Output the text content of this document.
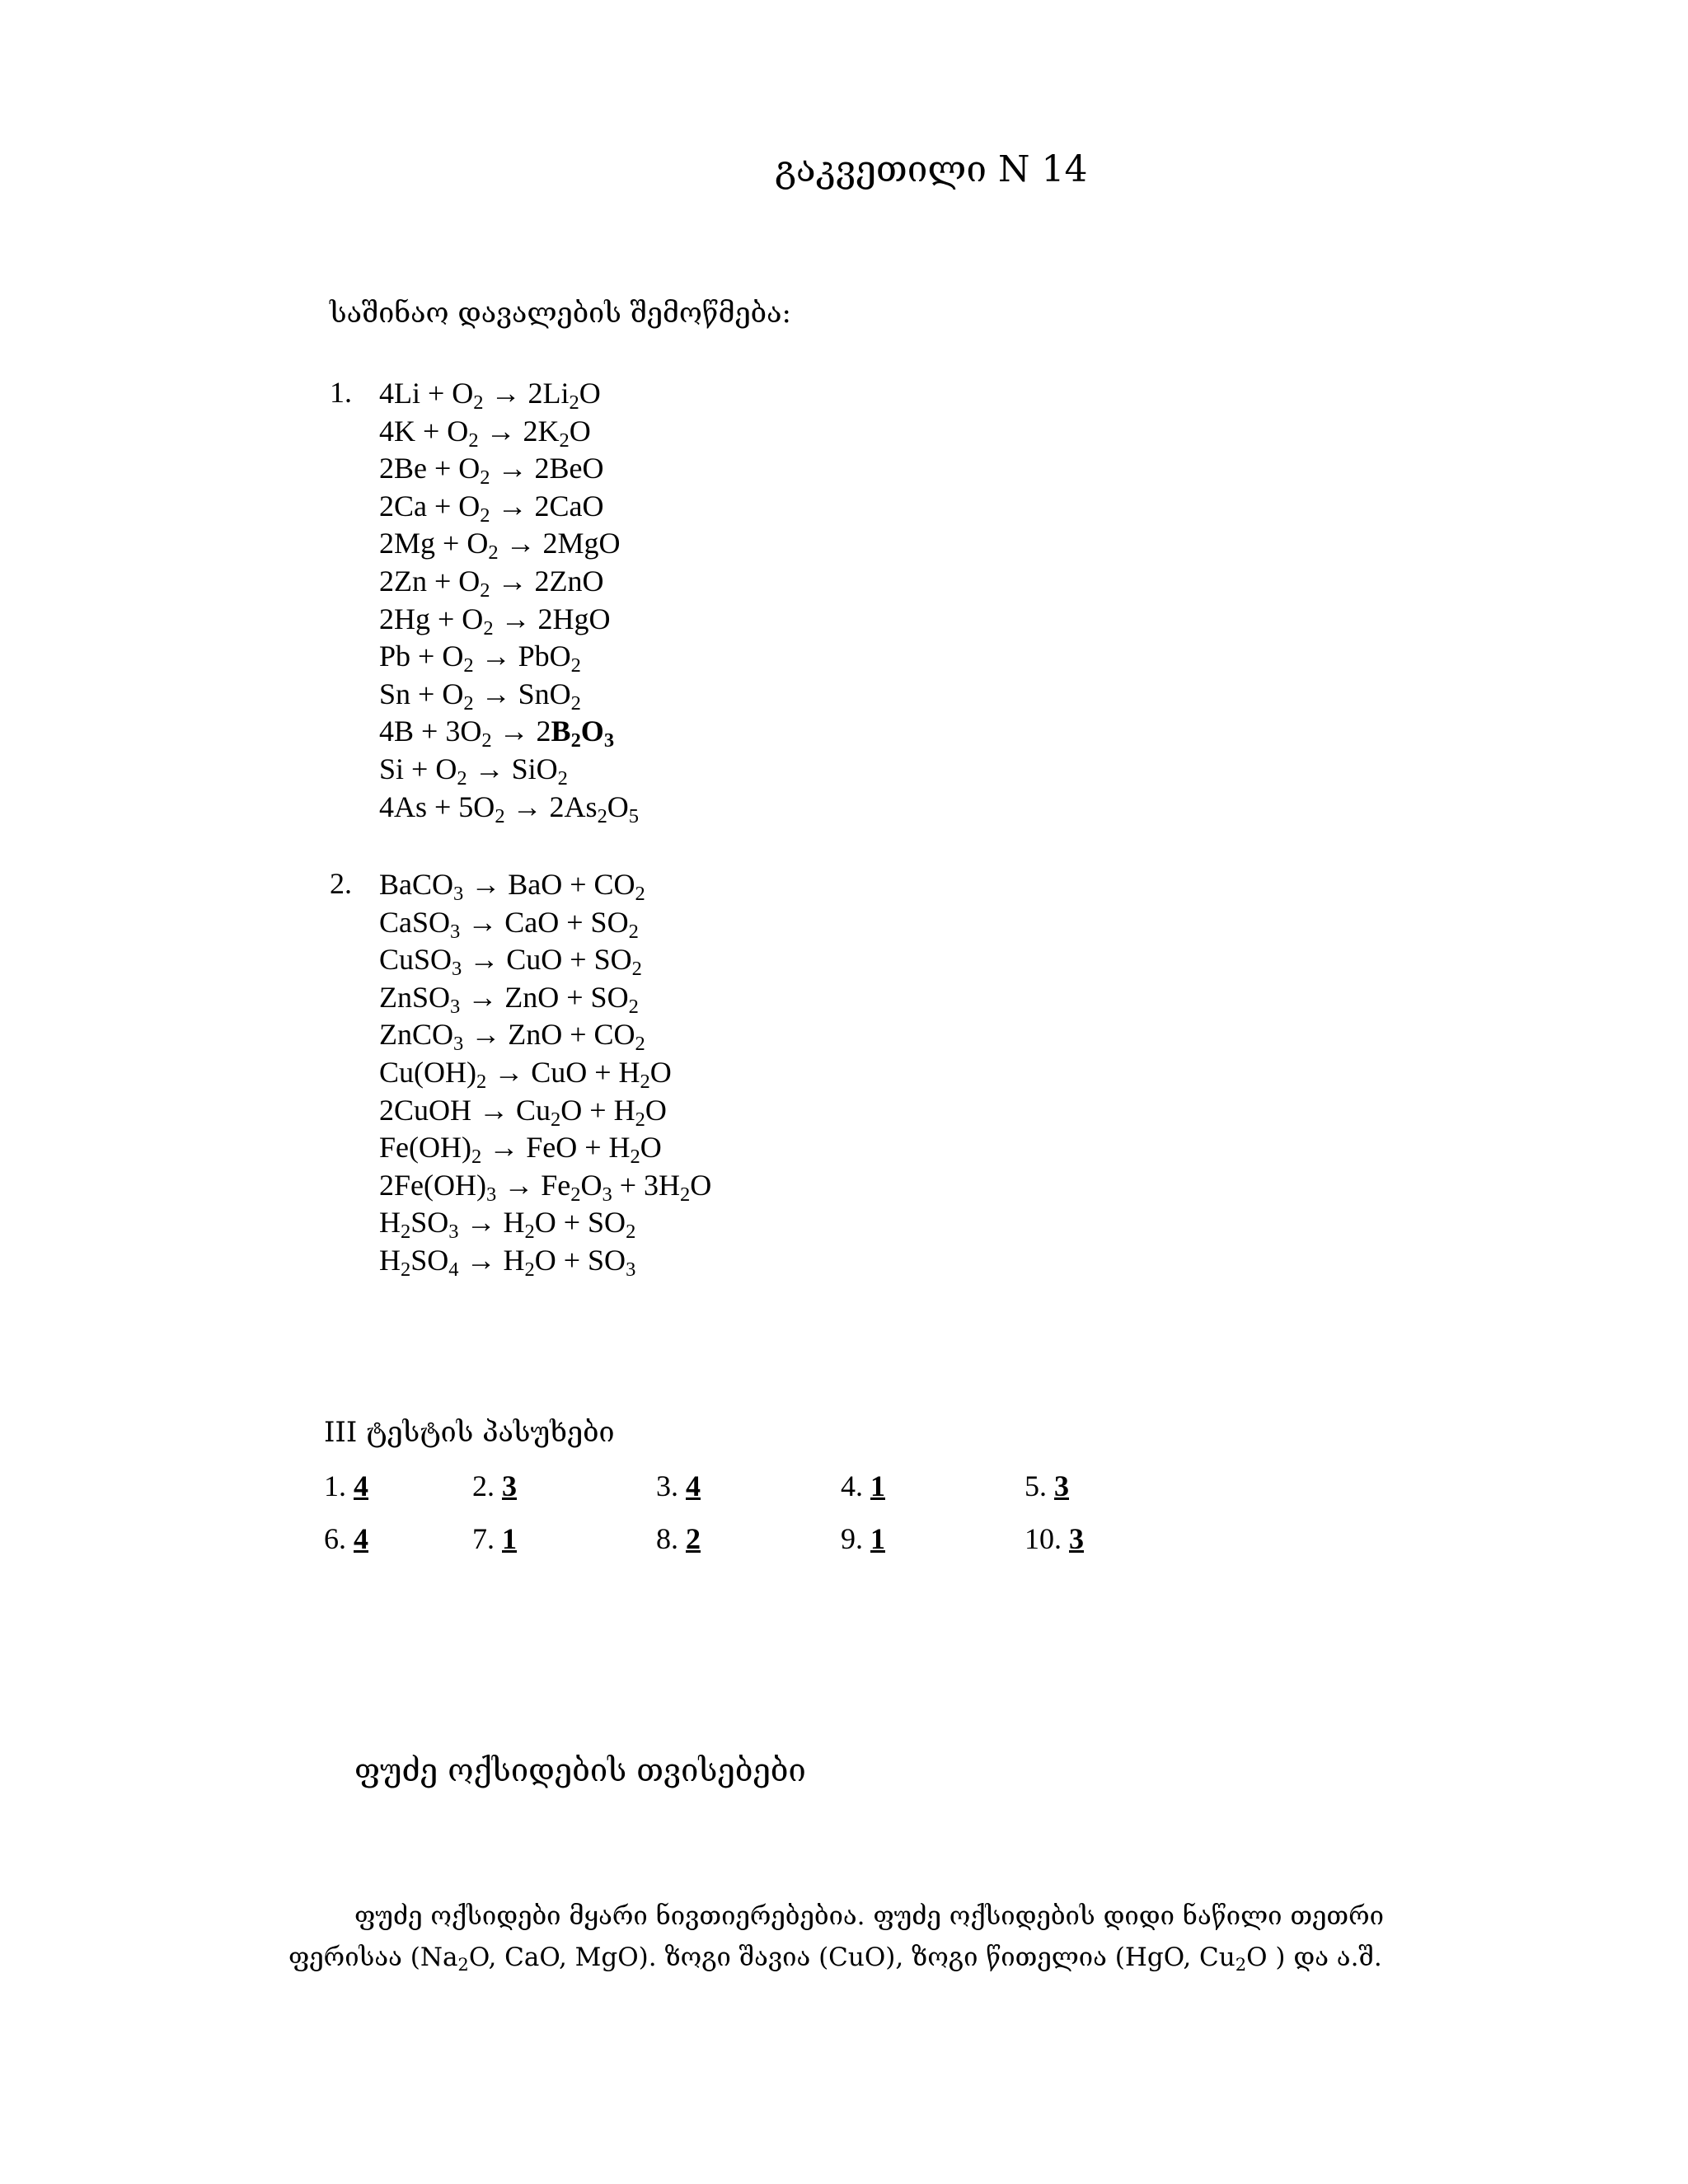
გაკვეთილი N 14
საშინაო დავალების შემოწმება:
1. $4Li + O_2 \to 2Li_2O$
$4K + O_2 \to 2K_2O$
$2Be + O_2 \to 2BeO$
$2Ca + O_2 \to 2CaO$
$2Mg + O_2 \to 2MgO$
$2Zn + O_2 \to 2ZnO$
$2Hg + O_2 \to 2HgO$
$Pb + O_2 \to PbO_2$
$Sn + O_2 \to SnO_2$
$4B + 3O_2 \to 2B_2O_3$
$Si + O_2 \to SiO_2$
$4As + 5O_2 \to 2As_2O_5$
2. BaCO$_3$ → BaO + $CO_2$
CaSO$_3$ → CaO + $SO_2$
CuSO$_3$ → CuO + $SO_2$
ZnSO$_3$ → ZnO + $SO_2$
ZnCO$_3$ → ZnO + $CO_2$
$Cu(OH)_2$ → CuO + $H_2O$
2CuOH → $Cu_2O + H_2O$
$Fe(OH)_2$ → FeO + $H_2O$
$2Fe(OH)_3 \to Fe_2O_3 + 3H_2O$
$H_2SO_3 \to H_2O + SO_2$
$H_2SO_4 \to H_2O + SO_3$
III ტესტის პასუხები
1. 4	2. 3	3. 4	4. 1	5. 3
6. 4	7. 1	8. 2	9. 1	10. 3
ფუძე ოქსიდების თვისებები
ფუძე ოქსიდები მყარი ნივთიერებებია. ფუძე ოქსიდების დიდი ნაწილი თეთრი ფერისაა ($Na_2O$, CaO, MgO). ზოგი შავია (CuO), ზოგი წითელია (HgO, $Cu_2O$ ) და ა.შ.
